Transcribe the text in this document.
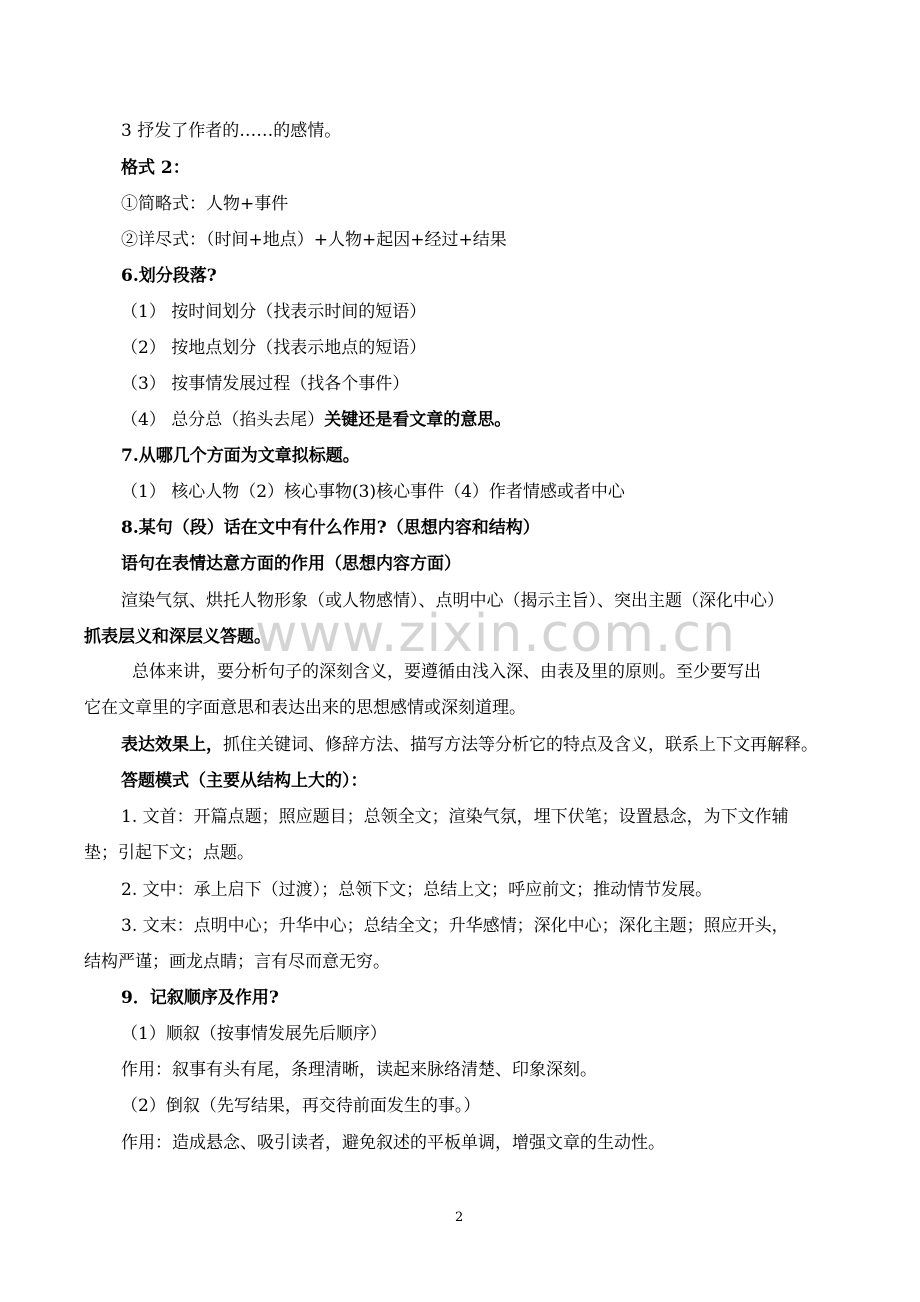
www.zixin.com.cn
3 抒发了作者的……的感情。
格式 2：
①简略式：人物+事件
②详尽式：（时间+地点）+人物+起因+经过+结果
6.划分段落?
（1） 按时间划分（找表示时间的短语）
（2） 按地点划分（找表示地点的短语）
（3） 按事情发展过程（找各个事件）
（4） 总分总（掐头去尾）关键还是看文章的意思。
7.从哪几个方面为文章拟标题。
（1） 核心人物（2）核心事物(3)核心事件（4）作者情感或者中心
8.某句（段）话在文中有什么作用?（思想内容和结构）
语句在表情达意方面的作用（思想内容方面）
渲染气氛、烘托人物形象（或人物感情）、点明中心（揭示主旨）、突出主题（深化中心）
抓表层义和深层义答题。
总体来讲，要分析句子的深刻含义，要遵循由浅入深、由表及里的原则。至少要写出
它在文章里的字面意思和表达出来的思想感情或深刻道理。
表达效果上，抓住关键词、修辞方法、描写方法等分析它的特点及含义，联系上下文再解释。
答题模式（主要从结构上大的）：
1. 文首：开篇点题；照应题目；总领全文；渲染气氛，埋下伏笔；设置悬念，为下文作辅
垫；引起下文；点题。
2. 文中：承上启下（过渡）；总领下文；总结上文；呼应前文；推动情节发展。
3. 文末：点明中心；升华中心；总结全文；升华感情；深化中心；深化主题；照应开头，
结构严谨；画龙点睛；言有尽而意无穷。
9．记叙顺序及作用?
（1）顺叙（按事情发展先后顺序）
作用：叙事有头有尾，条理清晰，读起来脉络清楚、印象深刻。
（2）倒叙（先写结果，再交待前面发生的事。）
作用：造成悬念、吸引读者，避免叙述的平板单调，增强文章的生动性。
2
